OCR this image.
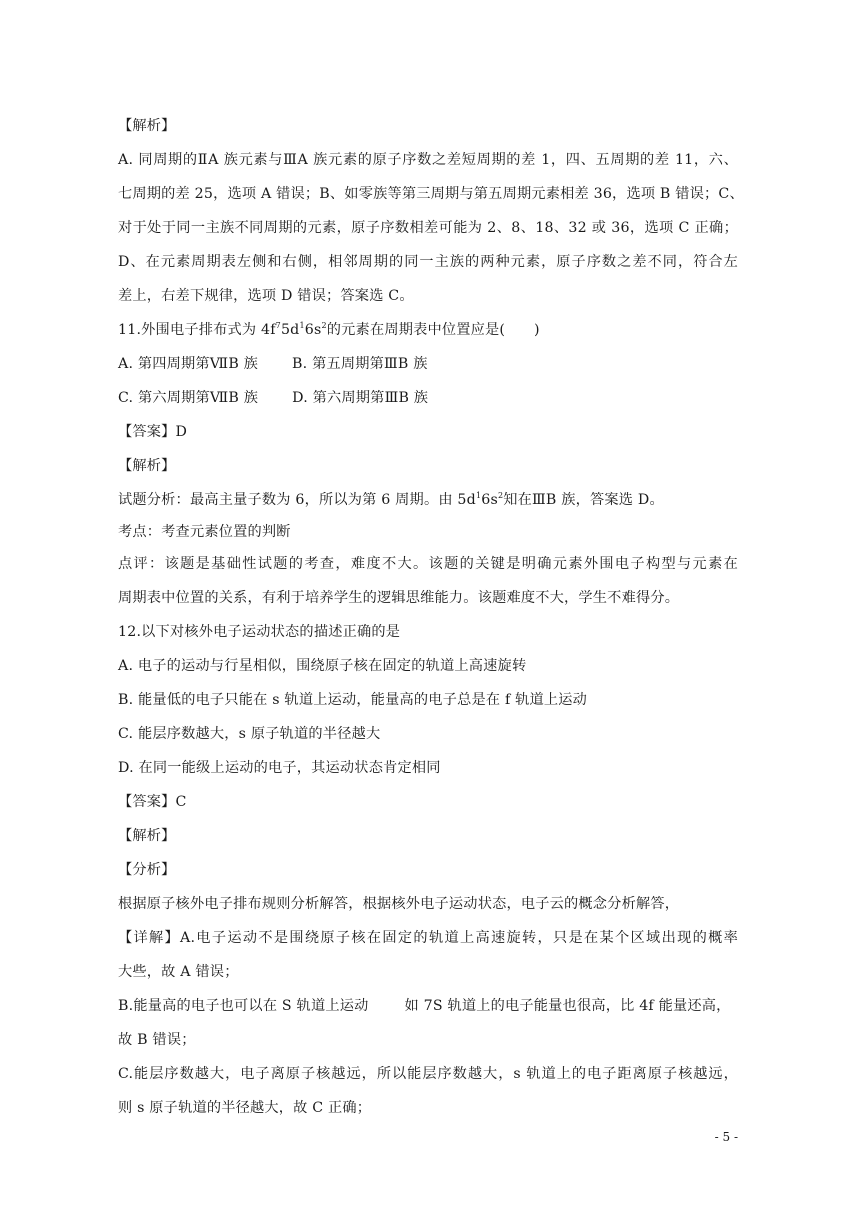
【解析】
A. 同周期的ⅡA 族元素与ⅢA 族元素的原子序数之差短周期的差 1，四、五周期的差 11，六、
七周期的差 25，选项 A 错误；B、如零族等第三周期与第五周期元素相差 36，选项 B 错误；C、
对于处于同一主族不同周期的元素，原子序数相差可能为 2、8、18、32 或 36，选项 C 正确；
D、在元素周期表左侧和右侧，相邻周期的同一主族的两种元素，原子序数之差不同，符合左
差上，右差下规律，选项 D 错误；答案选 C。
11.外围电子排布式为 $4f^75d^16s^2$的元素在周期表中位置应是(　　)
A. 第四周期第ⅦB 族 B. 第五周期第ⅢB 族
C. 第六周期第ⅦB 族 D. 第六周期第ⅢB 族
【答案】D
【解析】
试题分析：最高主量子数为 6，所以为第 6 周期。由 $5d^16s^2$知在ⅢB 族，答案选 D。
考点：考查元素位置的判断
点评：该题是基础性试题的考查，难度不大。该题的关键是明确元素外围电子构型与元素在
周期表中位置的关系，有利于培养学生的逻辑思维能力。该题难度不大，学生不难得分。
12.以下对核外电子运动状态的描述正确的是
A. 电子的运动与行星相似，围绕原子核在固定的轨道上高速旋转
B. 能量低的电子只能在 s 轨道上运动，能量高的电子总是在 f 轨道上运动
C. 能层序数越大，s 原子轨道的半径越大
D. 在同一能级上运动的电子，其运动状态肯定相同
【答案】C
【解析】
【分析】
根据原子核外电子排布规则分析解答，根据核外电子运动状态，电子云的概念分析解答，
【详解】A.电子运动不是围绕原子核在固定的轨道上高速旋转，只是在某个区域出现的概率
大些，故 A 错误；
B.能量高的电子也可以在 S 轨道上运动	如 7S 轨道上的电子能量也很高，比 4f 能量还高，
故 B 错误；
C.能层序数越大，电子离原子核越远，所以能层序数越大，s 轨道上的电子距离原子核越远，
则 s 原子轨道的半径越大，故 C 正确；
- 5 -
